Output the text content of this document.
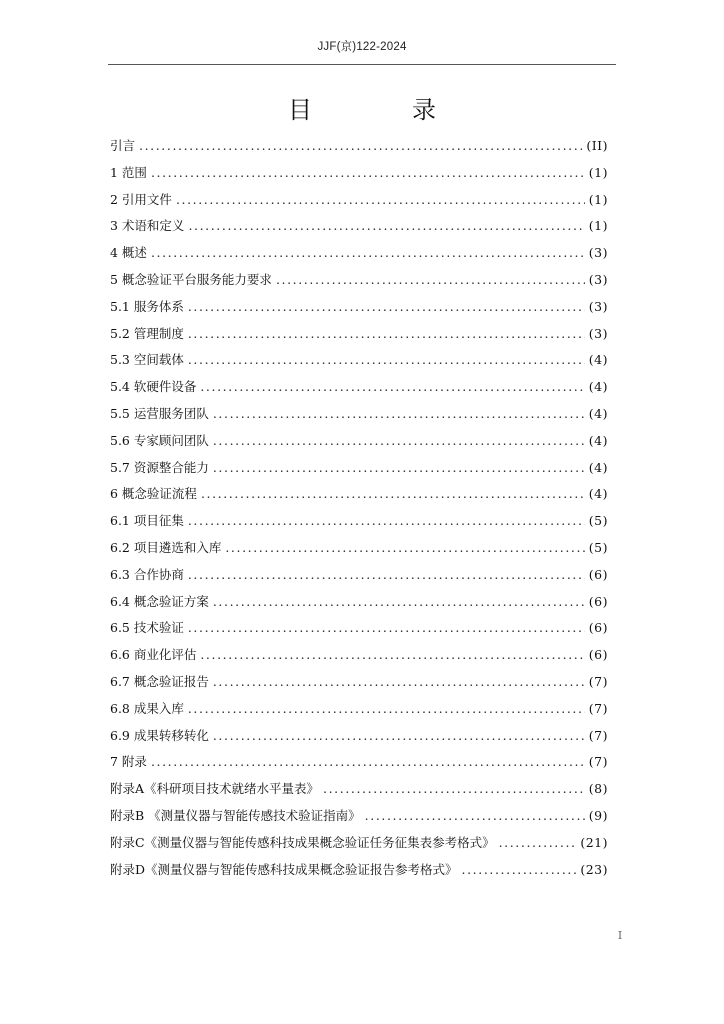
JJF(京)122-2024
目　录
引言 .....	(II)
1 范围 .....	(1)
2 引用文件 .....	(1)
3 术语和定义 .....	(1)
4 概述 .....	(3)
5 概念验证平台服务能力要求 .....	(3)
5.1 服务体系 .....	(3)
5.2 管理制度 .....	(3)
5.3 空间载体 .....	(4)
5.4 软硬件设备 .....	(4)
5.5 运营服务团队 .....	(4)
5.6 专家顾问团队 .....	(4)
5.7 资源整合能力 .....	(4)
6 概念验证流程 .....	(4)
6.1 项目征集 .....	(5)
6.2 项目遴选和入库 .....	(5)
6.3 合作协商 .....	(6)
6.4 概念验证方案 .....	(6)
6.5 技术验证 .....	(6)
6.6 商业化评估 .....	(6)
6.7 概念验证报告 .....	(7)
6.8 成果入库 .....	(7)
6.9 成果转移转化 .....	(7)
7 附录 .....	(7)
附录A《科研项目技术就绪水平量表》 .....	(8)
附录B 《测量仪器与智能传感技术验证指南》 .....	(9)
附录C《测量仪器与智能传感科技成果概念验证任务征集表参考格式》 .....	(21)
附录D《测量仪器与智能传感科技成果概念验证报告参考格式》 .....	(23)
I
